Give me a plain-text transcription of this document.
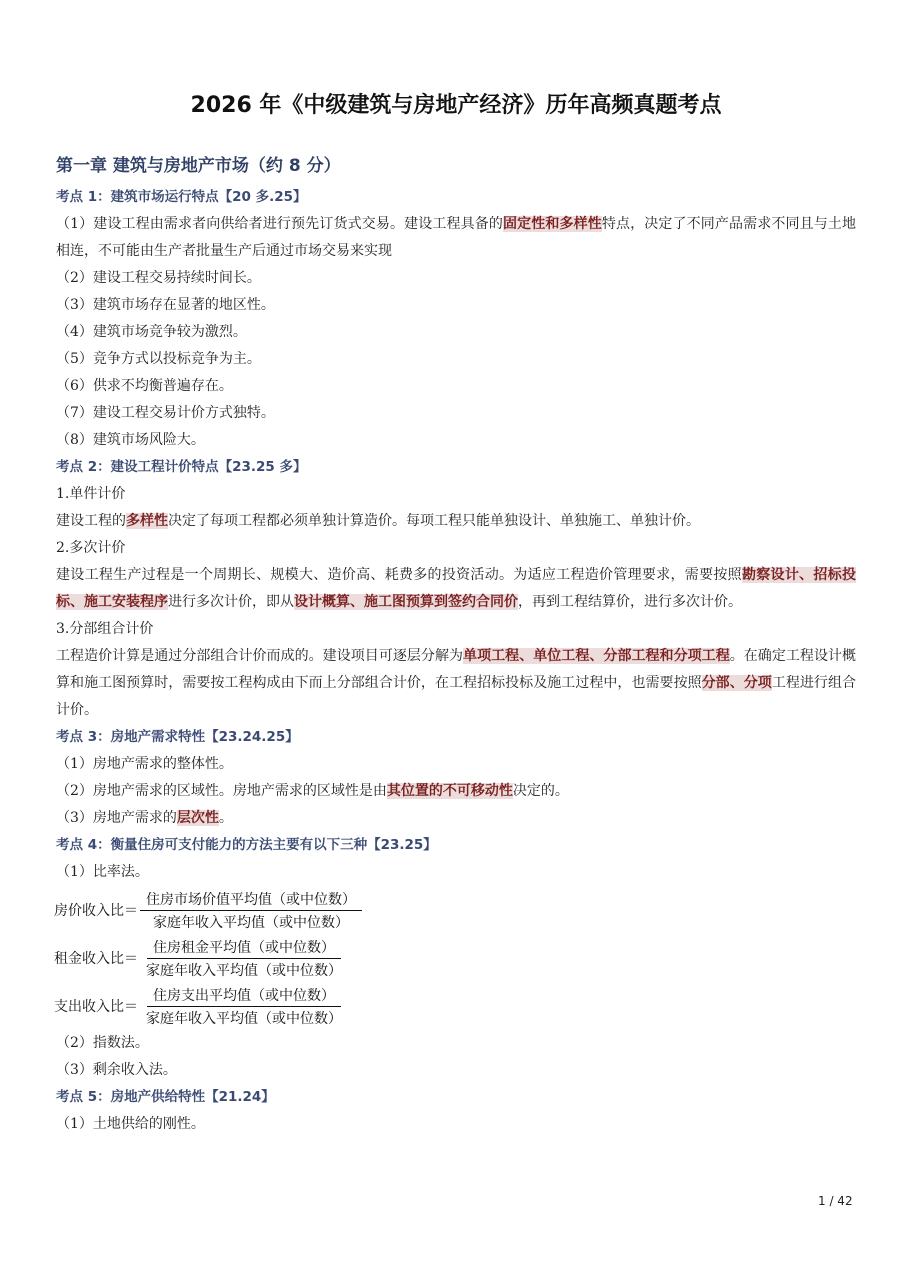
2026 年《中级建筑与房地产经济》历年高频真题考点
第一章 建筑与房地产市场（约 8 分）
考点 1：建筑市场运行特点【20 多.25】
（1）建设工程由需求者向供给者进行预先订货式交易。建设工程具备的固定性和多样性特点，决定了不同产品需求不同且与土地相连，不可能由生产者批量生产后通过市场交易来实现
（2）建设工程交易持续时间长。
（3）建筑市场存在显著的地区性。
（4）建筑市场竞争较为激烈。
（5）竞争方式以投标竞争为主。
（6）供求不均衡普遍存在。
（7）建设工程交易计价方式独特。
（8）建筑市场风险大。
考点 2：建设工程计价特点【23.25 多】
1.单件计价
建设工程的多样性决定了每项工程都必须单独计算造价。每项工程只能单独设计、单独施工、单独计价。
2.多次计价
建设工程生产过程是一个周期长、规模大、造价高、耗费多的投资活动。为适应工程造价管理要求，需要按照勘察设计、招标投标、施工安装程序进行多次计价，即从设计概算、施工图预算到签约合同价，再到工程结算价，进行多次计价。
3.分部组合计价
工程造价计算是通过分部组合计价而成的。建设项目可逐层分解为单项工程、单位工程、分部工程和分项工程。在确定工程设计概算和施工图预算时，需要按工程构成由下而上分部组合计价，在工程招标投标及施工过程中，也需要按照分部、分项工程进行组合计价。
考点 3：房地产需求特性【23.24.25】
（1）房地产需求的整体性。
（2）房地产需求的区域性。房地产需求的区域性是由其位置的不可移动性决定的。
（3）房地产需求的层次性。
考点 4：衡量住房可支付能力的方法主要有以下三种【23.25】
（1）比率法。
房价收入比＝ $\frac{\text{住房市场价值平均值（或中位数）}}{\text{家庭年收入平均值（或中位数）}}$
租金收入比＝ $\frac{\text{住房租金平均值（或中位数）}}{\text{家庭年收入平均值（或中位数）}}$
支出收入比＝ $\frac{\text{住房支出平均值（或中位数）}}{\text{家庭年收入平均值（或中位数）}}$
（2）指数法。
（3）剩余收入法。
考点 5：房地产供给特性【21.24】
（1）土地供给的刚性。
1 / 42
